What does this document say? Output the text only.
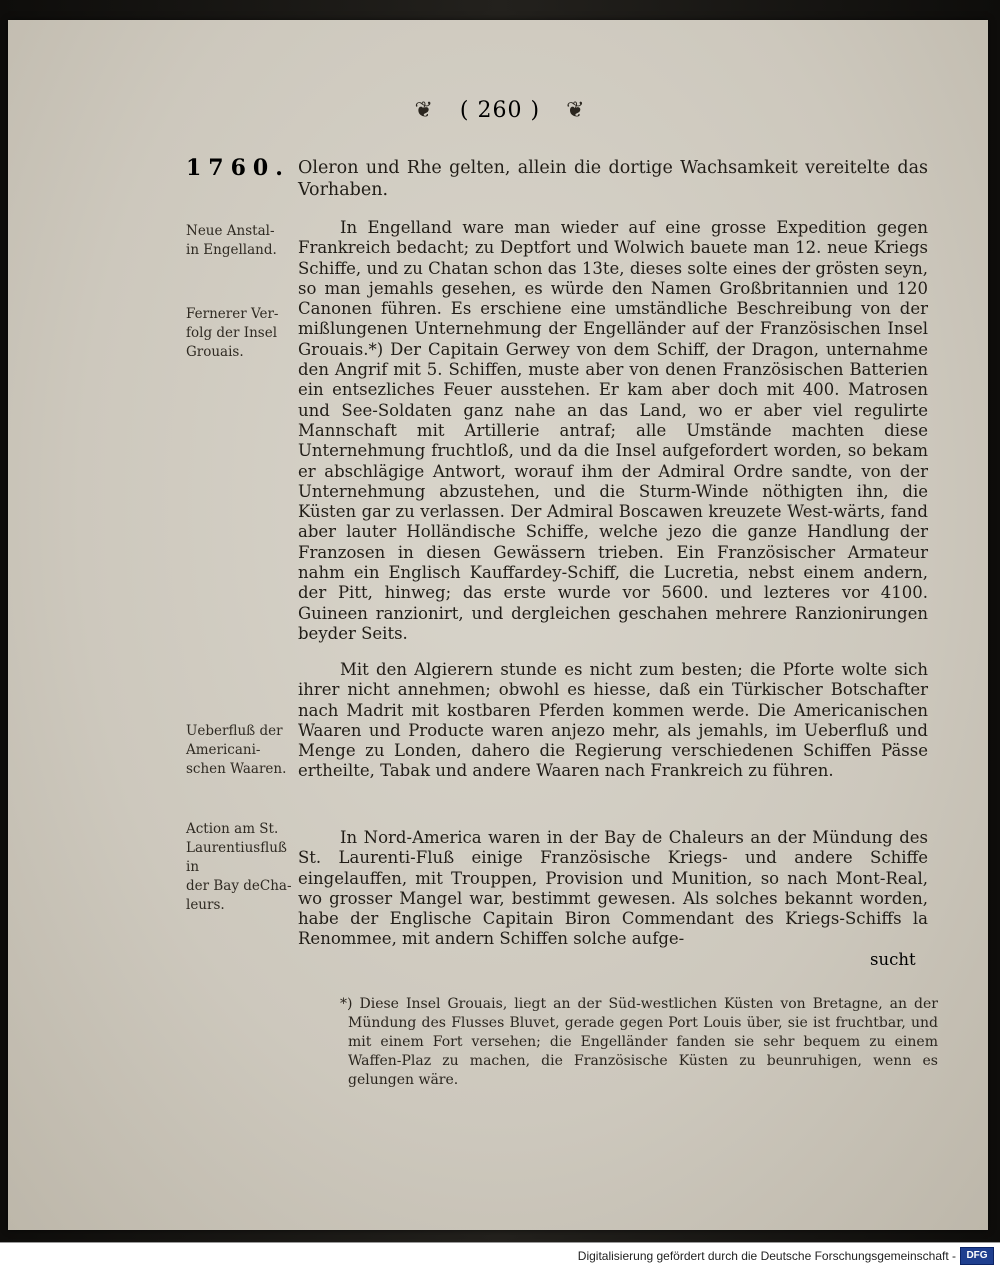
❦ ( 260 ) ❦
1760.
Neue Anstal-
in Engelland.
Fernerer Ver-
folg der Insel
Grouais.
Ueberfluß der
Americani-
schen Waaren.
Action am St.
Laurentiusfluß in
der Bay deCha-
leurs.
Oleron und Rhe gelten, allein die dortige Wachsamkeit vereitelte das Vorhaben.
In Engelland ware man wieder auf eine grosse Expedition gegen Frankreich bedacht; zu Deptfort und Wolwich bauete man 12. neue Kriegs Schiffe, und zu Chatan schon das 13te, dieses solte eines der grösten seyn, so man jemahls gesehen, es würde den Namen Großbritannien und 120 Canonen führen. Es erschiene eine umständliche Beschreibung von der mißlungenen Unternehmung der Engelländer auf der Französischen Insel Grouais.*) Der Capitain Gerwey von dem Schiff, der Dragon, unternahme den Angrif mit 5. Schiffen, muste aber von denen Französischen Batterien ein entsezliches Feuer ausstehen. Er kam aber doch mit 400. Matrosen und See-Soldaten ganz nahe an das Land, wo er aber viel regulirte Mannschaft mit Artillerie antraf; alle Umstände machten diese Unternehmung fruchtloß, und da die Insel aufgefordert worden, so bekam er abschlägige Antwort, worauf ihm der Admiral Ordre sandte, von der Unternehmung abzustehen, und die Sturm-Winde nöthigten ihn, die Küsten gar zu verlassen. Der Admiral Boscawen kreuzete West-wärts, fand aber lauter Holländische Schiffe, welche jezo die ganze Handlung der Franzosen in diesen Gewässern trieben. Ein Französischer Armateur nahm ein Englisch Kauffardey-Schiff, die Lucretia, nebst einem andern, der Pitt, hinweg; das erste wurde vor 5600. und lezteres vor 4100. Guineen ranzionirt, und dergleichen geschahen mehrere Ranzionirungen beyder Seits.
Mit den Algierern stunde es nicht zum besten; die Pforte wolte sich ihrer nicht annehmen; obwohl es hiesse, daß ein Türkischer Botschafter nach Madrit mit kostbaren Pferden kommen werde. Die Americanischen Waaren und Producte waren anjezo mehr, als jemahls, im Ueberfluß und Menge zu Londen, dahero die Regierung verschiedenen Schiffen Pässe ertheilte, Tabak und andere Waaren nach Frankreich zu führen.
In Nord-America waren in der Bay de Chaleurs an der Mündung des St. Laurenti-Fluß einige Französische Kriegs- und andere Schiffe eingelauffen, mit Trouppen, Provision und Munition, so nach Mont-Real, wo grosser Mangel war, bestimmt gewesen. Als solches bekannt worden, habe der Englische Capitain Biron Commendant des Kriegs-Schiffs la Renommee, mit andern Schiffen solche aufge-
sucht
*) Diese Insel Grouais, liegt an der Süd-westlichen Küsten von Bretagne, an der Mündung des Flusses Bluvet, gerade gegen Port Louis über, sie ist fruchtbar, und mit einem Fort versehen; die Engelländer fanden sie sehr bequem zu einem Waffen-Plaz zu machen, die Französische Küsten zu beunruhigen, wenn es gelungen wäre.
Digitalisierung gefördert durch die Deutsche Forschungsgemeinschaft -	DFG
